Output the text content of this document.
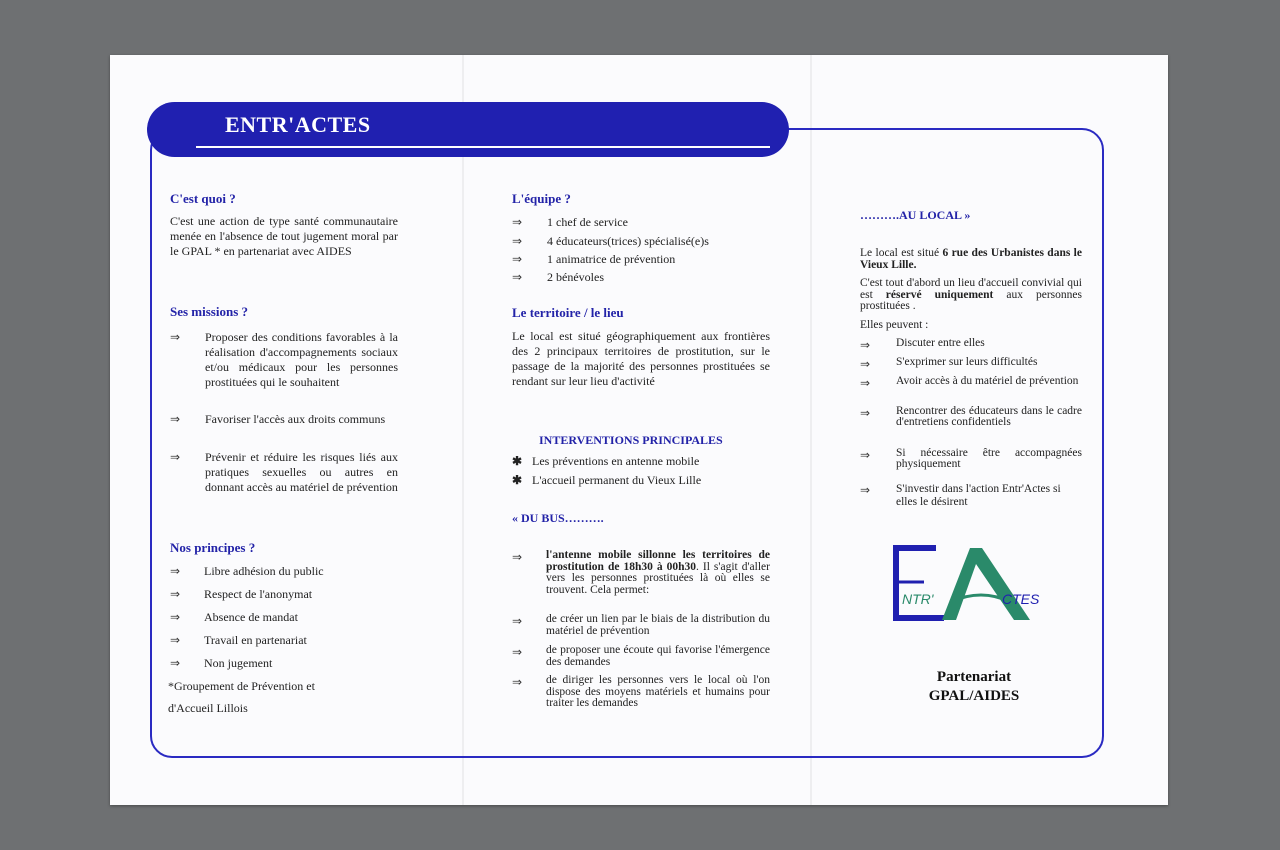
ENTR'ACTES
C'est quoi ?

C'est une action de type santé communautaire menée en l'absence de tout jugement moral par le GPAL * en partenariat avec AIDES

Ses missions ?
⇒ Proposer des conditions favorables à la réalisation d'accompagnements sociaux et/ou médicaux pour les personnes prostituées qui le souhaitent

⇒ Favoriser l'accès aux droits communs

⇒ Prévenir et réduire les risques liés aux pratiques sexuelles ou autres en donnant accès au matériel de prévention

Nos principes ?
⇒ Libre adhésion du public

⇒ Respect de l'anonymat

⇒ Absence de mandat

⇒ Travail en partenariat

⇒ Non jugement

*Groupement de Prévention et

d'Accueil Lillois

L'équipe ?
⇒ 1 chef de service

⇒ 4 éducateurs(trices) spécialisé(e)s

⇒ 1 animatrice de prévention

⇒ 2 bénévoles

Le territoire / le lieu

Le local est situé géographiquement aux frontières des 2 principaux territoires de prostitution, sur le passage de la majorité des personnes prostituées se rendant sur leur lieu d'activité

INTERVENTIONS PRINCIPALES
✱ Les préventions en antenne mobile

✱ L'accueil permanent du Vieux Lille

« DU BUS……….
⇒ l'antenne mobile sillonne les territoires de prostitution de 18h30 à 00h30. Il s'agit d'aller vers les personnes prostituées là où elles se trouvent. Cela permet:

⇒ de créer un lien par le biais de la distribution du matériel de prévention

⇒ de proposer une écoute qui favorise l'émergence des demandes

⇒ de diriger les personnes vers le local où l'on dispose des moyens matériels et humains pour traiter les demandes

……….AU LOCAL »

Le local est situé 6 rue des Urbanistes dans le Vieux Lille.

C'est tout d'abord un lieu d'accueil convivial qui est réservé uniquement aux personnes prostituées .

Elles peuvent :

⇒ Discuter entre elles

⇒ S'exprimer sur leurs difficultés

⇒ Avoir accès à du matériel de prévention

⇒ Rencontrer des éducateurs dans le cadre d'entretiens confidentiels

⇒ Si nécessaire être accompagnées physiquement

⇒ S'investir dans l'action Entr'Actes si elles le désirent

NTR'	CTES
Partenariat
GPAL/AIDES
